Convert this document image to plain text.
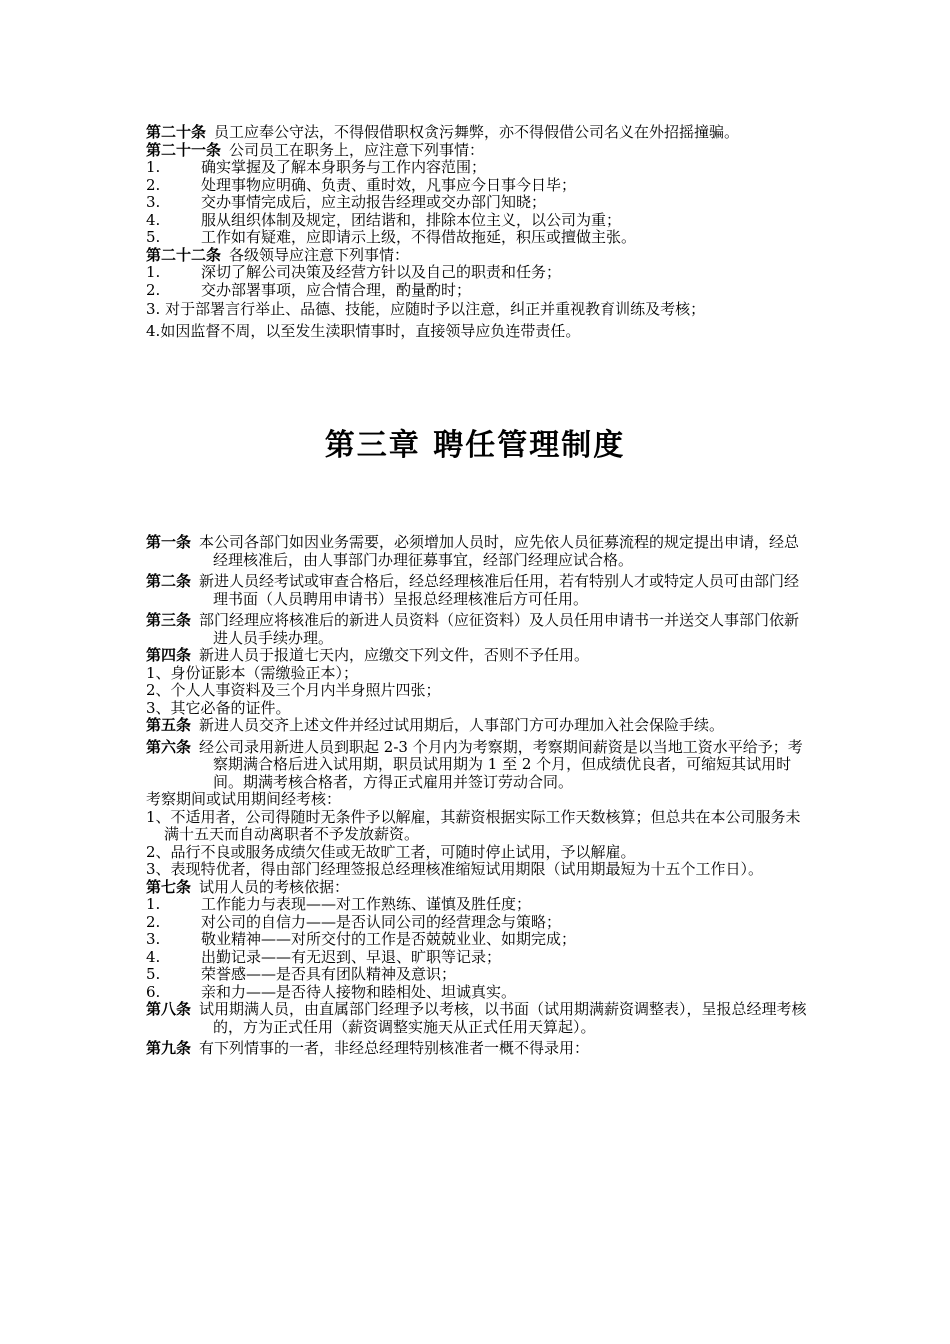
第二十条 员工应奉公守法，不得假借职权贪污舞弊，亦不得假借公司名义在外招摇撞骗。
第二十一条 公司员工在职务上，应注意下列事情：
1.	确实掌握及了解本身职务与工作内容范围；
2.	处理事物应明确、负责、重时效，凡事应今日事今日毕；
3.	交办事情完成后，应主动报告经理或交办部门知晓；
4.	服从组织体制及规定，团结谐和，排除本位主义，以公司为重；
5.	工作如有疑难，应即请示上级，不得借故拖延，积压或擅做主张。
第二十二条 各级领导应注意下列事情：
1.	深切了解公司决策及经营方针以及自己的职责和任务；
2.	交办部署事项，应合情合理，酌量酌时；
3. 对于部署言行举止、品德、技能，应随时予以注意，纠正并重视教育训练及考核；
4.如因监督不周，以至发生渎职情事时，直接领导应负连带责任。
第三章 聘任管理制度
第一条 本公司各部门如因业务需要，必须增加人员时，应先依人员征募流程的规定提出申请，经总经理核准后，由人事部门办理征募事宜，经部门经理应试合格。
第二条 新进人员经考试或审查合格后，经总经理核准后任用，若有特别人才或特定人员可由部门经理书面（人员聘用申请书）呈报总经理核准后方可任用。
第三条 部门经理应将核准后的新进人员资料（应征资料）及人员任用申请书一并送交人事部门依新进人员手续办理。
第四条 新进人员于报道七天内，应缴交下列文件，否则不予任用。
1、身份证影本（需缴验正本）；
2、个人人事资料及三个月内半身照片四张；
3、其它必备的证件。
第五条 新进人员交齐上述文件并经过试用期后，人事部门方可办理加入社会保险手续。
第六条 经公司录用新进人员到职起 2-3 个月内为考察期，考察期间薪资是以当地工资水平给予；考察期满合格后进入试用期，职员试用期为 1 至 2 个月，但成绩优良者，可缩短其试用时间。期满考核合格者，方得正式雇用并签订劳动合同。
考察期间或试用期间经考核：
1、不适用者，公司得随时无条件予以解雇，其薪资根据实际工作天数核算；但总共在本公司服务未满十五天而自动离职者不予发放薪资。
2、品行不良或服务成绩欠佳或无故旷工者，可随时停止试用，予以解雇。
3、表现特优者，得由部门经理签报总经理核准缩短试用期限（试用期最短为十五个工作日）。
第七条 试用人员的考核依据：
1.	工作能力与表现——对工作熟练、谨慎及胜任度；
2.	对公司的自信力——是否认同公司的经营理念与策略；
3.	敬业精神——对所交付的工作是否兢兢业业、如期完成；
4.	出勤记录——有无迟到、早退、旷职等记录；
5.	荣誉感——是否具有团队精神及意识；
6.	亲和力——是否待人接物和睦相处、坦诚真实。
第八条 试用期满人员，由直属部门经理予以考核，以书面（试用期满薪资调整表），呈报总经理考核的，方为正式任用（薪资调整实施天从正式任用天算起）。
第九条 有下列情事的一者，非经总经理特别核准者一概不得录用：
